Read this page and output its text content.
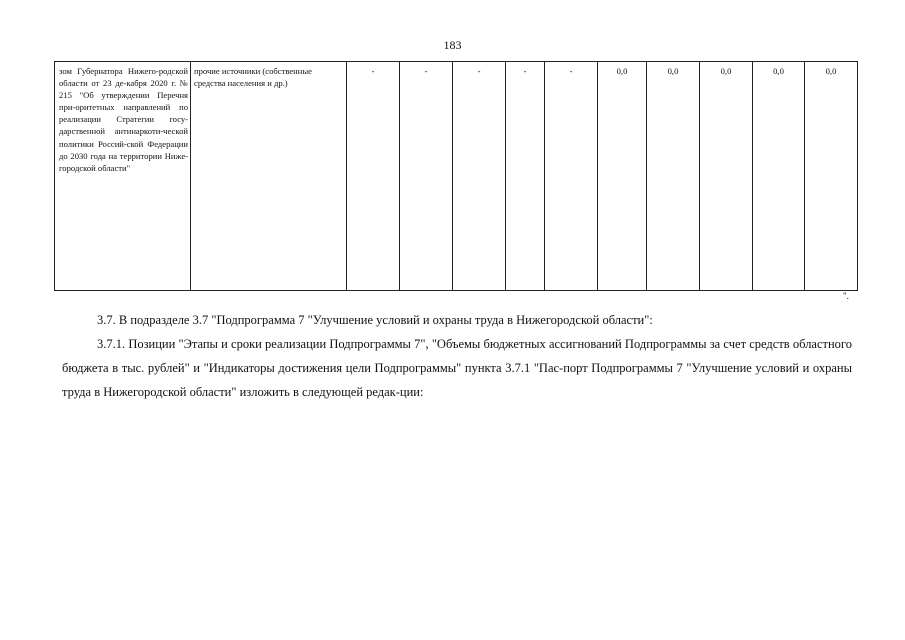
183
зом Губернатора Нижего-родской области от 23 де-кабря 2020 г. № 215 "Об утверждении Перечня при-оритетных направлений по реализации Стратегии госу-дарственной антинаркоти-ческой политики Россий-ской Федерации до 2030 года на территории Ниже-городской области"	прочие источники (собственные средства населения и др.)	-	-	-	-	-	0,0	0,0	0,0	0,0	0,0
".

3.7. В подразделе 3.7 "Подпрограмма 7 "Улучшение условий и охраны труда в Нижегородской области":

3.7.1. Позиции "Этапы и сроки реализации Подпрограммы 7", "Объемы бюджетных ассигнований Подпрограммы за счет средств областного бюджета в тыс. рублей" и "Индикаторы достижения цели Подпрограммы" пункта 3.7.1 "Пас-порт Подпрограммы 7 "Улучшение условий и охраны труда в Нижегородской области" изложить в следующей редак-ции:
